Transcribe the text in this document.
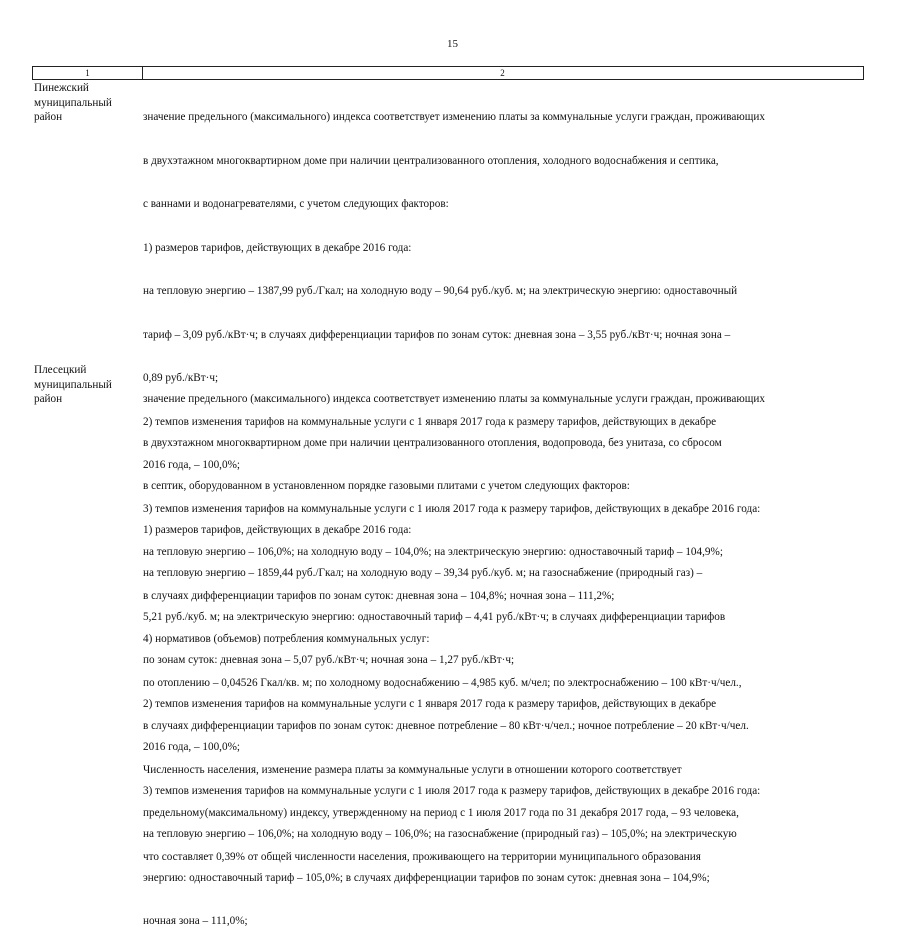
15
1	2
Пинежский
муниципальный
район

	значение предельного (максимального) индекса соответствует изменению платы за коммунальные услуги граждан, проживающих

в двухэтажном многоквартирном доме при наличии централизованного отопления, холодного водоснабжения и септика,

с ваннами и водонагревателями, с учетом следующих факторов:

1) размеров тарифов, действующих в декабре 2016 года:

на тепловую энергию – 1387,99 руб./Гкал; на холодную воду – 90,64 руб./куб. м; на электрическую энергию: одноставочный

тариф – 3,09 руб./кВт·ч; в случаях дифференциации тарифов по зонам суток: дневная зона – 3,55 руб./кВт·ч; ночная зона –

0,89 руб./кВт·ч;

2) темпов изменения тарифов на коммунальные услуги с 1 января 2017 года к размеру тарифов, действующих в декабре

2016 года, – 100,0%;

3) темпов изменения тарифов на коммунальные услуги с 1 июля 2017 года к размеру тарифов, действующих в декабре 2016 года:

на тепловую энергию – 106,0%; на холодную воду – 104,0%; на электрическую энергию: одноставочный тариф – 104,9%;

в случаях дифференциации тарифов по зонам суток: дневная зона – 104,8%; ночная зона – 111,2%;

4) нормативов (объемов) потребления коммунальных услуг:

по отоплению – 0,04526 Гкал/кв. м; по холодному водоснабжению – 4,985 куб. м/чел; по электроснабжению – 100 кВт·ч/чел.,

в случаях дифференциации тарифов по зонам суток: дневное потребление – 80 кВт·ч/чел.; ночное потребление – 20 кВт·ч/чел.

Численность населения, изменение размера платы за коммунальные услуги в отношении которого соответствует

предельному(максимальному) индексу, утвержденному на период с 1 июля 2017 года по 31 декабря 2017 года, – 93 человека,

что составляет 0,39% от общей численности населения, проживающего на территории муниципального образования

Плесецкий
муниципальный
район

	значение предельного (максимального) индекса соответствует изменению платы за коммунальные услуги граждан, проживающих

в двухэтажном многоквартирном доме при наличии централизованного отопления, водопровода, без унитаза, со сбросом

в септик, оборудованном в установленном порядке газовыми плитами с учетом следующих факторов:

1) размеров тарифов, действующих в декабре 2016 года:

на тепловую энергию – 1859,44 руб./Гкал; на холодную воду – 39,34 руб./куб. м; на газоснабжение (природный газ) –

5,21 руб./куб. м; на электрическую энергию: одноставочный тариф – 4,41 руб./кВт·ч; в случаях дифференциации тарифов

по зонам суток: дневная зона – 5,07 руб./кВт·ч; ночная зона – 1,27 руб./кВт·ч;

2) темпов изменения тарифов на коммунальные услуги с 1 января 2017 года к размеру тарифов, действующих в декабре

2016 года, – 100,0%;

3) темпов изменения тарифов на коммунальные услуги с 1 июля 2017 года к размеру тарифов, действующих в декабре 2016 года:

на тепловую энергию – 106,0%; на холодную воду – 106,0%; на газоснабжение (природный газ) – 105,0%; на электрическую

энергию: одноставочный тариф – 105,0%; в случаях дифференциации тарифов по зонам суток: дневная зона – 104,9%;

ночная зона – 111,0%;
